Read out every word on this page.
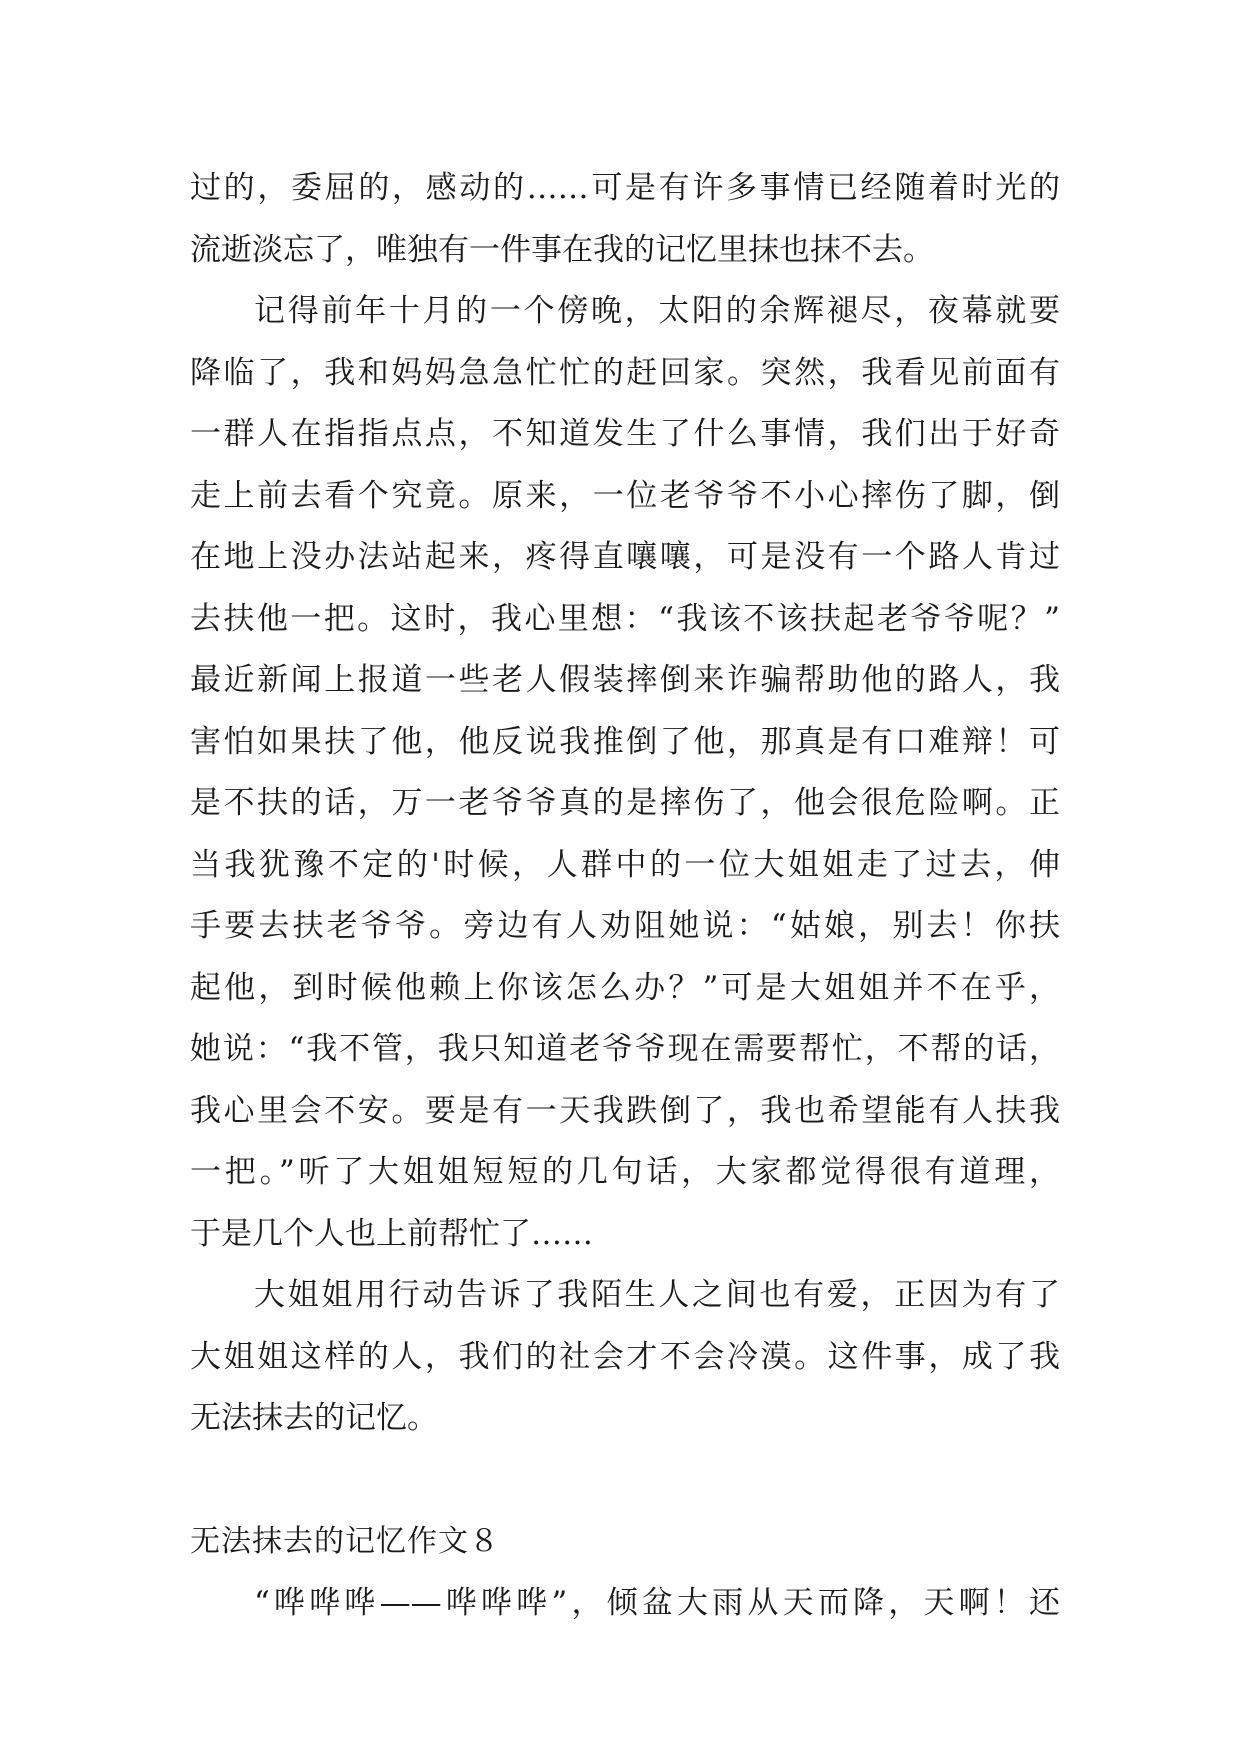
过的，委屈的，感动的……可是有许多事情已经随着时光的
流逝淡忘了，唯独有一件事在我的记忆里抹也抹不去。
记得前年十月的一个傍晚，太阳的余辉褪尽，夜幕就要
降临了，我和妈妈急急忙忙的赶回家。突然，我看见前面有
一群人在指指点点，不知道发生了什么事情，我们出于好奇
走上前去看个究竟。原来，一位老爷爷不小心摔伤了脚，倒
在地上没办法站起来，疼得直嚷嚷，可是没有一个路人肯过
去扶他一把。这时，我心里想：“我该不该扶起老爷爷呢？”
最近新闻上报道一些老人假装摔倒来诈骗帮助他的路人，我
害怕如果扶了他，他反说我推倒了他，那真是有口难辩！可
是不扶的话，万一老爷爷真的是摔伤了，他会很危险啊。正
当我犹豫不定的'时候，人群中的一位大姐姐走了过去，伸
手要去扶老爷爷。旁边有人劝阻她说：“姑娘，别去！你扶
起他，到时候他赖上你该怎么办？”可是大姐姐并不在乎，
她说：“我不管，我只知道老爷爷现在需要帮忙，不帮的话，
我心里会不安。要是有一天我跌倒了，我也希望能有人扶我
一把。”听了大姐姐短短的几句话，大家都觉得很有道理，
于是几个人也上前帮忙了……
大姐姐用行动告诉了我陌生人之间也有爱，正因为有了
大姐姐这样的人，我们的社会才不会冷漠。这件事，成了我
无法抹去的记忆。
无法抹去的记忆作文８
“哗哗哗——哗哗哗”，倾盆大雨从天而降，天啊！还
